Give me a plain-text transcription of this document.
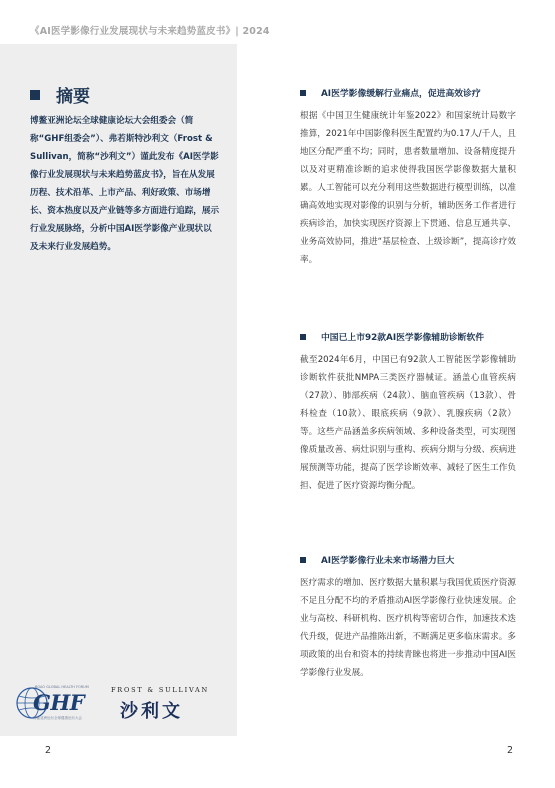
《AI医学影像行业发展现状与未来趋势蓝皮书》| 2024
摘要
博鳌亚洲论坛全球健康论坛大会组委会（简称“GHF组委会”）、弗若斯特沙利文（Frost & Sullivan，简称“沙利文”）谨此发布《AI医学影像行业发展现状与未来趋势蓝皮书》，旨在从发展历程、技术沿革、上市产品、利好政策、市场增长、资本热度以及产业链等多方面进行追踪，展示行业发展脉络，分析中国AI医学影像产业现状以及未来行业发展趋势。
BOAO GLOBAL HEALTH FORUM
GHF
博鳌亚洲论坛全球健康论坛大会
FROST & SULLIVAN
沙利文
AI医学影像缓解行业痛点，促进高效诊疗
根据《中国卫生健康统计年鉴2022》和国家统计局数字推算，2021年中国影像科医生配置约为0.17人/千人，且地区分配严重不均；同时，患者数量增加、设备精度提升以及对更精准诊断的追求使得我国医学影像数据大量积累。人工智能可以充分利用这些数据进行模型训练，以准确高效地实现对影像的识别与分析，辅助医务工作者进行疾病诊治，加快实现医疗资源上下贯通、信息互通共享、业务高效协同，推进“基层检查、上级诊断”，提高诊疗效率。
中国已上市92款AI医学影像辅助诊断软件
截至2024年6月，中国已有92款人工智能医学影像辅助诊断软件获批NMPA三类医疗器械证。涵盖心血管疾病（27款）、肺部疾病（24款）、脑血管疾病（13款）、骨科检查（10款）、眼底疾病（9款）、乳腺疾病（2款）等。这些产品涵盖多疾病领域、多种设备类型，可实现图像质量改善、病灶识别与重构、疾病分期与分级、疾病进展预测等功能，提高了医学诊断效率、减轻了医生工作负担、促进了医疗资源均衡分配。
AI医学影像行业未来市场潜力巨大
医疗需求的增加、医疗数据大量积累与我国优质医疗资源不足且分配不均的矛盾推动AI医学影像行业快速发展。企业与高校、科研机构、医疗机构等密切合作，加速技术迭代升级，促进产品推陈出新，不断满足更多临床需求。多项政策的出台和资本的持续青睐也将进一步推动中国AI医学影像行业发展。
2	2
